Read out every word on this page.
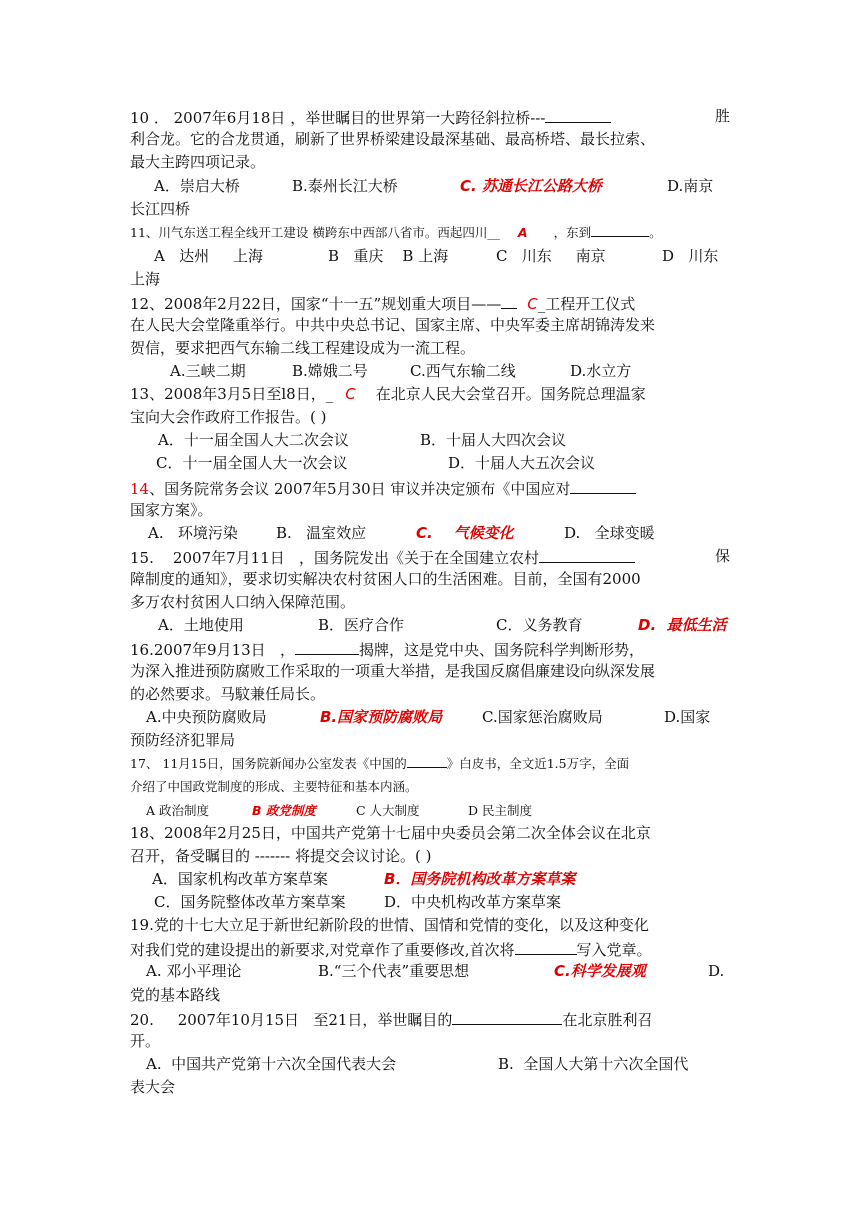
10 ． 2007年6月18日 ，举世瞩目的世界第一大跨径斜拉桥---	胜
利合龙。它的合龙贯通，刷新了世界桥梁建设最深基础、最高桥塔、最长拉索、
最大主跨四项记录。
A．崇启大桥	B.泰州长江大桥	C. 苏通长江公路大桥	D.南京
长江四桥
11、川气东送工程全线开工建设 横跨东中西部八省市。西起四川__ A ，东到	。
A   达州     上海	B   重庆    B 上海	C   川东     南京	D   川东
上海
12、2008年2月22日，国家“十一五”规划重大项目—— C_工程开工仪式
在人民大会堂隆重举行。中共中央总书记、国家主席、中央军委主席胡锦涛发来
贺信，要求把西气东输二线工程建设成为一流工程。
A.三峡二期	B.嫦娥二号	C.西气东输二线	D.水立方
13、2008年3月5日至l8日，_ C 在北京人民大会堂召开。国务院总理温家
宝向大会作政府工作报告。( )
A．十一届全国人大二次会议	B．十届人大四次会议
C．十一届全国人大一次会议	D．十届人大五次会议
14、国务院常务会议 2007年5月30日 审议并决定颁布《中国应对
国家方案》。
A.   环境污染	B.   温室效应	C.    气候变化	D.   全球变暖
15.    2007年7月11日   ，国务院发出《关于在全国建立农村	保
障制度的通知》，要求切实解决农村贫困人口的生活困难。目前，全国有2000
多万农村贫困人口纳入保障范围。
A．土地使用	B．医疗合作	C．义务教育	D.  最低生活
16.2007年9月13日   ，	揭牌，这是党中央、国务院科学判断形势，
为深入推进预防腐败工作采取的一项重大举措，是我国反腐倡廉建设向纵深发展
的必然要求。马馼兼任局长。
A.中央预防腐败局	B.国家预防腐败局	C.国家惩治腐败局	D.国家
预防经济犯罪局
17、 11月15日，国务院新闻办公室发表《中国的	》白皮书，全文近1.5万字，全面
介绍了中国政党制度的形成、主要特征和基本内涵。
A 政治制度	B 政党制度	C 人大制度	D 民主制度
18、2008年2月25日，中国共产党第十七届中央委员会第二次全体会议在北京
召开，备受瞩目的 ------- 将提交会议讨论。( )
A．国家机构改革方案草案	B．国务院机构改革方案草案
C．国务院整体改革方案草案	D．中央机构改革方案草案
19.党的十七大立足于新世纪新阶段的世情、国情和党情的变化，以及这种变化
对我们党的建设提出的新要求,对党章作了重要修改,首次将	写入党章。
A. 邓小平理论	B.“三个代表”重要思想	C.科学发展观	D.
党的基本路线
20.     2007年10月15日   至21日，举世瞩目的	在北京胜利召
开。
A.  中国共产党第十六次全国代表大会	B.  全国人大第十六次全国代
表大会
